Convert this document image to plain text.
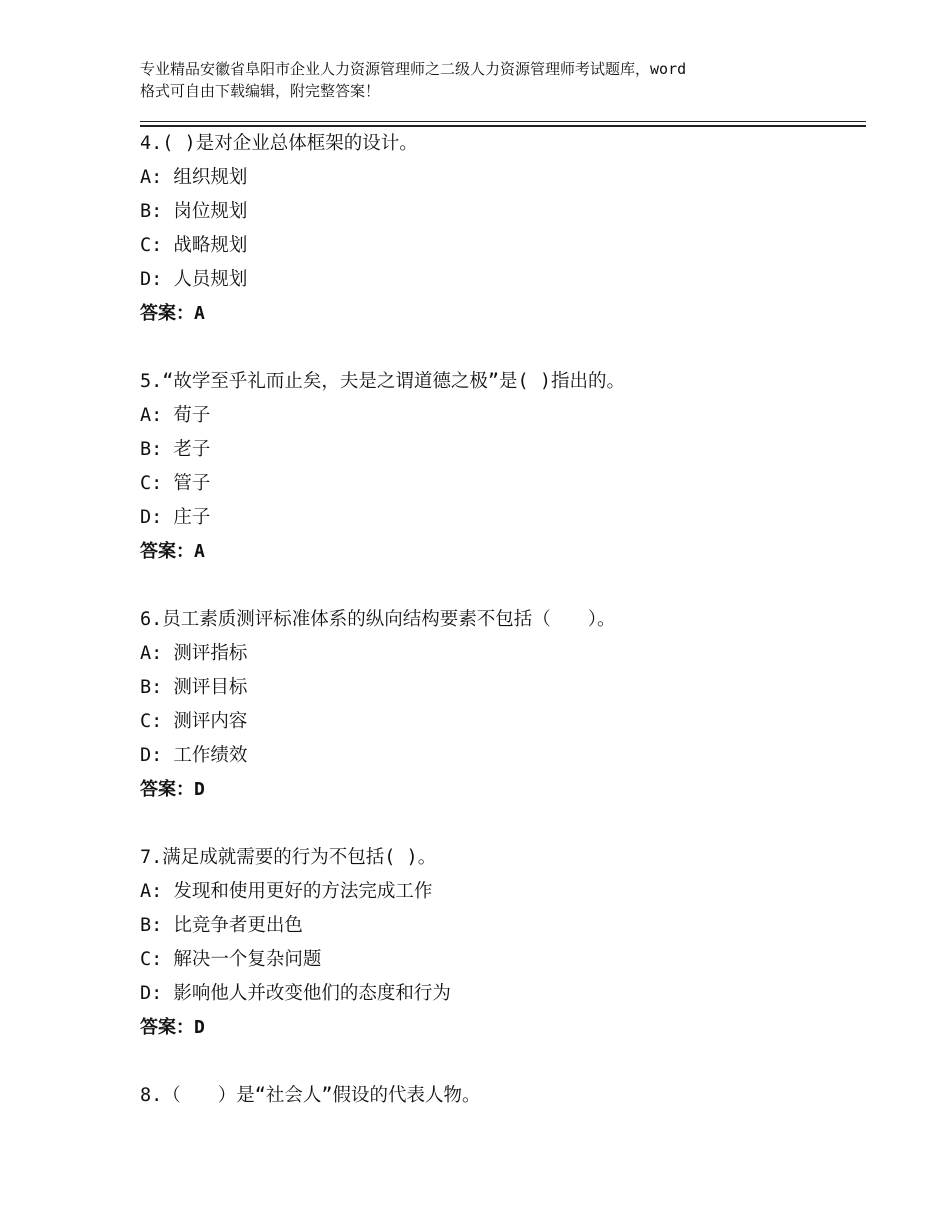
专业精品安徽省阜阳市企业人力资源管理师之二级人力资源管理师考试题库，word
格式可自由下载编辑，附完整答案！
4.( )是对企业总体框架的设计。
A: 组织规划
B: 岗位规划
C: 战略规划
D: 人员规划
答案：A
5.“故学至乎礼而止矣，夫是之谓道德之极”是( )指出的。
A: 荀子
B: 老子
C: 管子
D: 庄子
答案：A
6.员工素质测评标准体系的纵向结构要素不包括（　　）。
A: 测评指标
B: 测评目标
C: 测评内容
D: 工作绩效
答案：D
7.满足成就需要的行为不包括( )。
A: 发现和使用更好的方法完成工作
B: 比竞争者更出色
C: 解决一个复杂问题
D: 影响他人并改变他们的态度和行为
答案：D
8.（　　）是“社会人”假设的代表人物。
